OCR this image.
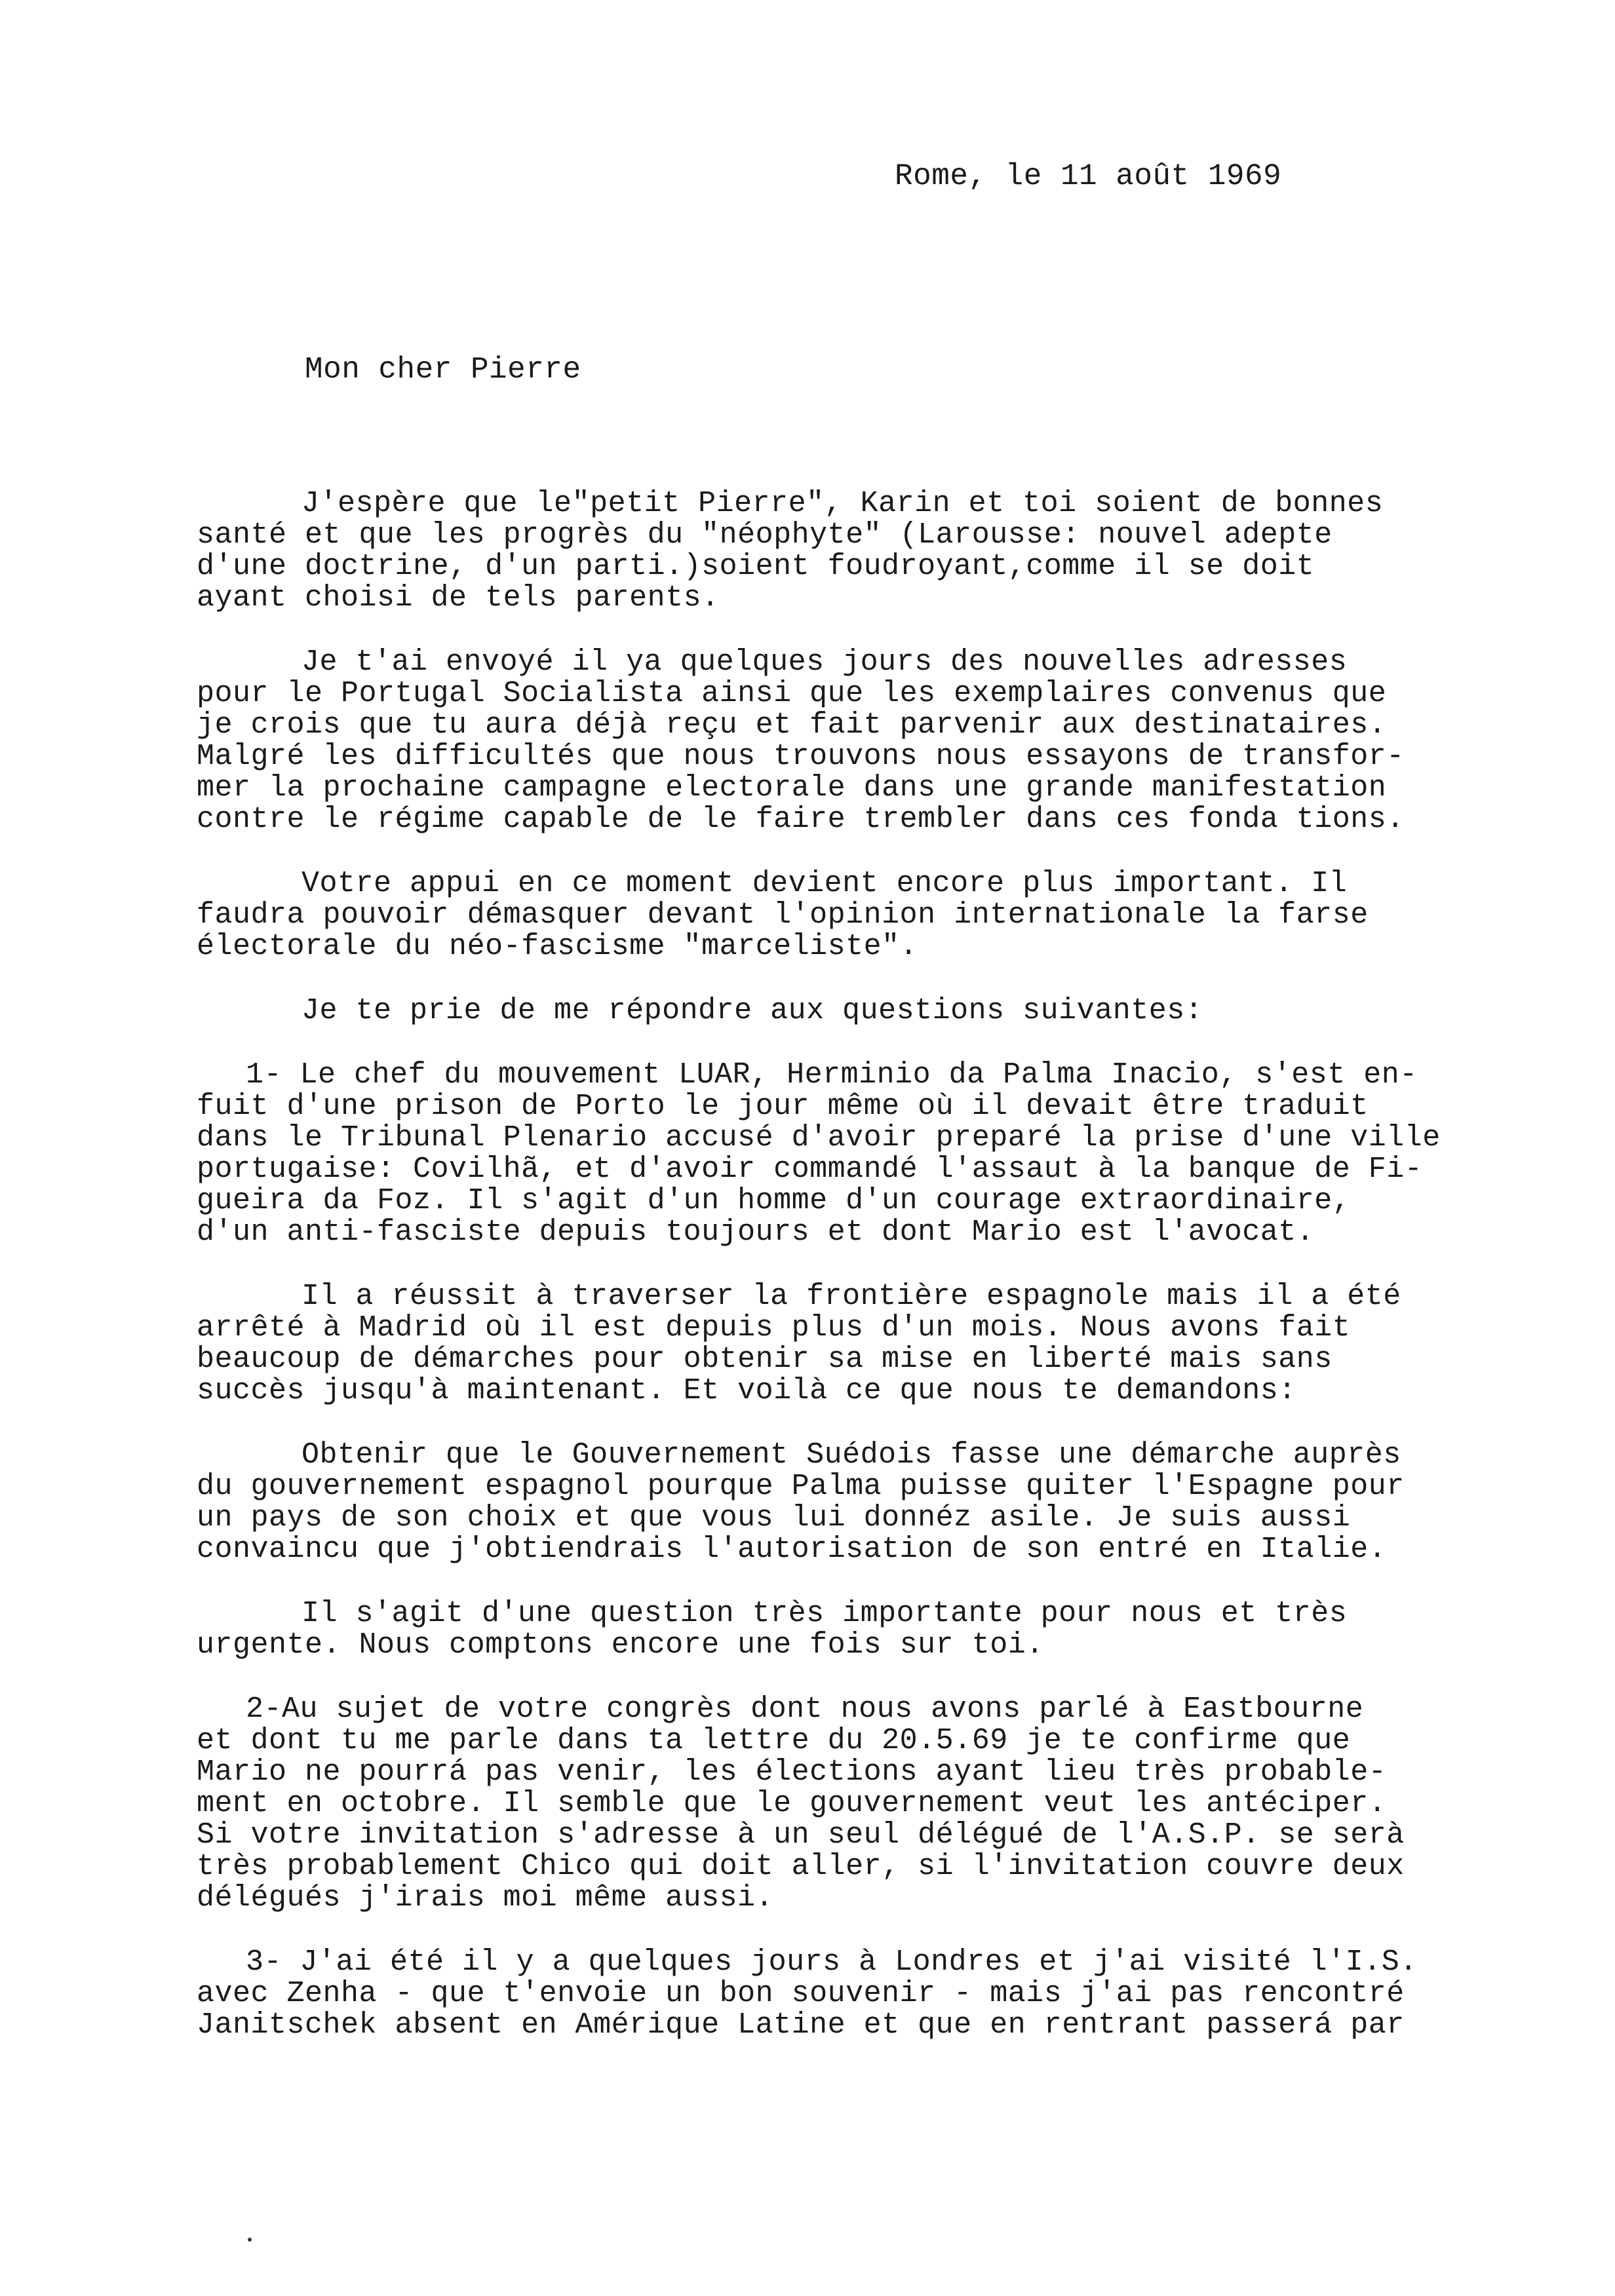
Rome, le 11 août 1969
Mon cher Pierre
J'espère que le"petit Pierre", Karin et toi soient de bonnes
santé et que les progrès du "néophyte" (Larousse: nouvel adepte
d'une doctrine, d'un parti.)soient foudroyant,comme il se doit
ayant choisi de tels parents.
Je t'ai envoyé il ya quelques jours des nouvelles adresses
pour le Portugal Socialista ainsi que les exemplaires convenus que
je crois que tu aura déjà reçu et fait parvenir aux destinataires.
Malgré les difficultés que nous trouvons nous essayons de transfor-
mer la prochaine campagne electorale dans une grande manifestation
contre le régime capable de le faire trembler dans ces fonda tions.
Votre appui en ce moment devient encore plus important. Il
faudra pouvoir démasquer devant l'opinion internationale la farse
électorale du néo-fascisme "marceliste".
Je te prie de me répondre aux questions suivantes:
1- Le chef du mouvement LUAR, Herminio da Palma Inacio, s'est en-
fuit d'une prison de Porto le jour même où il devait être traduit
dans le Tribunal Plenario accusé d'avoir preparé la prise d'une ville
portugaise: Covilhã, et d'avoir commandé l'assaut à la banque de Fi-
gueira da Foz. Il s'agit d'un homme d'un courage extraordinaire,
d'un anti-fasciste depuis toujours et dont Mario est l'avocat.
Il a réussit à traverser la frontière espagnole mais il a été
arrêté à Madrid où il est depuis plus d'un mois. Nous avons fait
beaucoup de démarches pour obtenir sa mise en liberté mais sans
succès jusqu'à maintenant. Et voilà ce que nous te demandons:
Obtenir que le Gouvernement Suédois fasse une démarche auprès
du gouvernement espagnol pourque Palma puisse quiter l'Espagne pour
un pays de son choix et que vous lui donnéz asile. Je suis aussi
convaincu que j'obtiendrais l'autorisation de son entré en Italie.
Il s'agit d'une question très importante pour nous et très
urgente. Nous comptons encore une fois sur toi.
2-Au sujet de votre congrès dont nous avons parlé à Eastbourne
et dont tu me parle dans ta lettre du 20.5.69 je te confirme que
Mario ne pourrá pas venir, les élections ayant lieu très probable-
ment en octobre. Il semble que le gouvernement veut les antéciper.
Si votre invitation s'adresse à un seul délégué de l'A.S.P. se serà
très probablement Chico qui doit aller, si l'invitation couvre deux
délégués j'irais moi même aussi.
3- J'ai été il y a quelques jours à Londres et j'ai visité l'I.S.
avec Zenha - que t'envoie un bon souvenir - mais j'ai pas rencontré
Janitschek absent en Amérique Latine et que en rentrant passerá par
